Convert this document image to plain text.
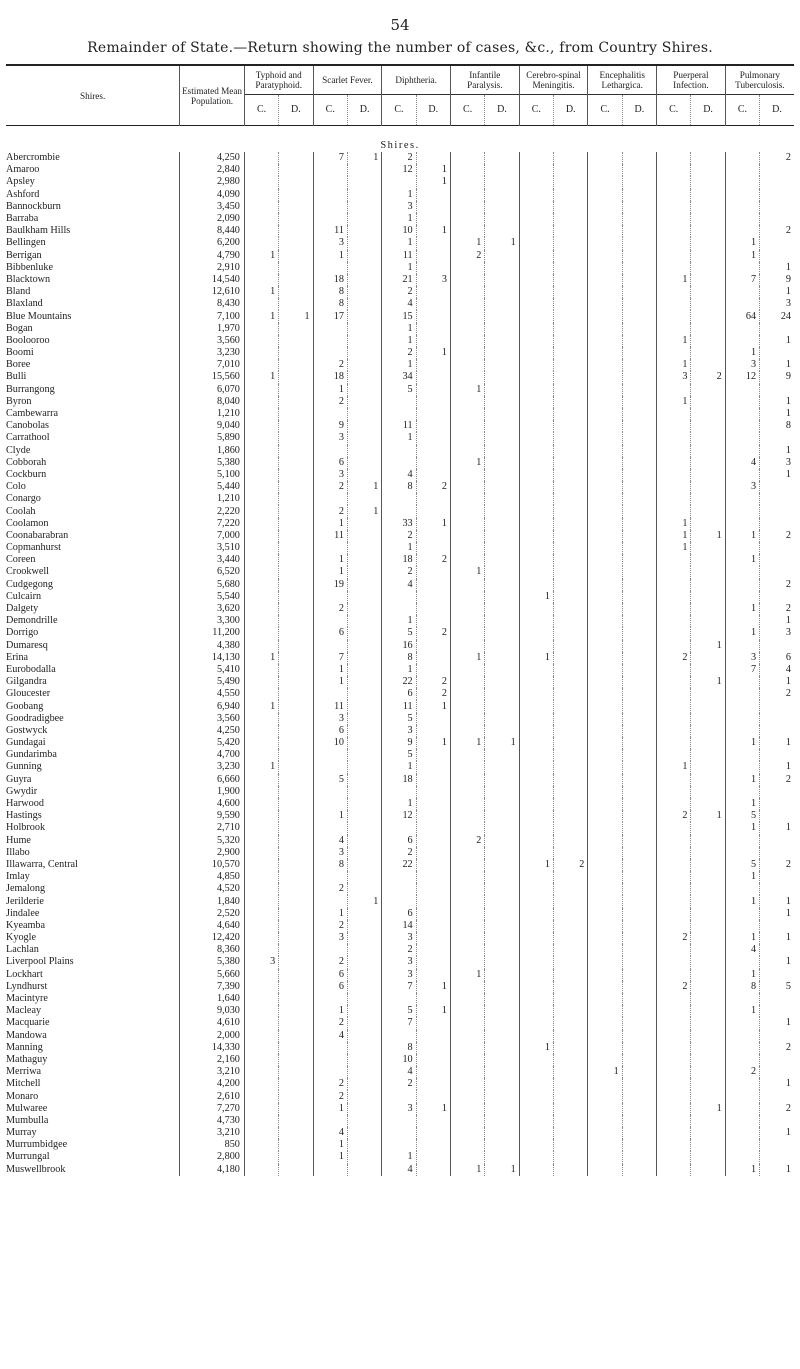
54
Remainder of State.—Return showing the number of cases, &c., from Country Shires.
Shires.	Estimated Mean Population.	Typhoid and Paratyphoid.		Scarlet Fever.		Diphtheria.		Infantile Paralysis.		Cerebro-spinal Meningitis.		Encephalitis Lethargica.		Puerperal Infection.		Pulmonary Tuberculosis.	
		C.	D.	C.	D.	C.	D.	C.	D.	C.	D.	C.	D.	C.	D.	C.	D.
Shires.																	
Abercrombie	4,250			7	1	2											2
Amaroo	2,840					12	1										
Apsley	2,980						1										
Ashford	4,090					1											
Bannockburn	3,450					3											
Barraba	2,090					1											
Baulkham Hills	8,440			11		10	1										2
Bellingen	6,200			3		1		1	1							1	
Berrigan	4,790	1		1		11		2								1	
Bibbenluke	2,910					1											1
Blacktown	14,540			18		21	3							1		7	9
Bland	12,610	1		8		2											1
Blaxland	8,430			8		4											3
Blue Mountains	7,100	1	1	17		15										64	24
Bogan	1,970					1											
Boolooroo	3,560					1								1			1
Boomi	3,230					2	1									1	
Boree	7,010			2		1								1		3	1
Bulli	15,560	1		18		34								3	2	12	9
Burrangong	6,070			1		5		1									
Byron	8,040			2										1			1
Cambewarra	1,210																1
Canobolas	9,040			9		11											8
Carrathool	5,890			3		1											
Clyde	1,860																1
Cobborah	5,380			6				1								4	3
Cockburn	5,100			3		4											1
Colo	5,440			2	1	8	2									3	
Conargo	1,210																
Coolah	2,220			2	1												
Coolamon	7,220			1		33	1							1			
Coonabarabran	7,000			11		2								1	1	1	2
Copmanhurst	3,510					1								1			
Coreen	3,440			1		18	2									1	
Crookwell	6,520			1		2		1									
Cudgegong	5,680			19		4											2
Culcairn	5,540									1							
Dalgety	3,620			2												1	2
Demondrille	3,300					1											1
Dorrigo	11,200			6		5	2									1	3
Dumaresq	4,380					16									1		
Erina	14,130	1		7		8		1		1				2		3	6
Eurobodalla	5,410			1		1										7	4
Gilgandra	5,490			1		22	2								1		1
Gloucester	4,550					6	2										2
Goobang	6,940	1		11		11	1										
Goodradigbee	3,560			3		5											
Gostwyck	4,250			6		3											
Gundagai	5,420			10		9	1	1	1							1	1
Gundarimba	4,700					5											
Gunning	3,230	1				1								1			1
Guyra	6,660			5		18										1	2
Gwydir	1,900																
Harwood	4,600					1										1	
Hastings	9,590			1		12								2	1	5	
Holbrook	2,710															1	1
Hume	5,320			4		6		2									
Illabo	2,900			3		2											
Illawarra, Central	10,570			8		22				1	2					5	2
Imlay	4,850															1	
Jemalong	4,520			2													
Jerilderie	1,840				1											1	1
Jindalee	2,520			1		6											1
Kyeamba	4,640			2		14											
Kyogle	12,420			3		3								2		1	1
Lachlan	8,360					2										4	
Liverpool Plains	5,380	3		2		3											1
Lockhart	5,660			6		3		1								1	
Lyndhurst	7,390			6		7	1							2		8	5
Macintyre	1,640																
Macleay	9,030			1		5	1									1	
Macquarie	4,610			2		7											1
Mandowa	2,000			4													
Manning	14,330					8				1							2
Mathaguy	2,160					10											
Merriwa	3,210					4						1				2	
Mitchell	4,200			2		2											1
Monaro	2,610			2													
Mulwaree	7,270			1		3	1								1		2
Mumbulla	4,730																
Murray	3,210			4													1
Murrumbidgee	850			1													
Murrungal	2,800			1		1											
Muswellbrook	4,180					4		1	1							1	1
